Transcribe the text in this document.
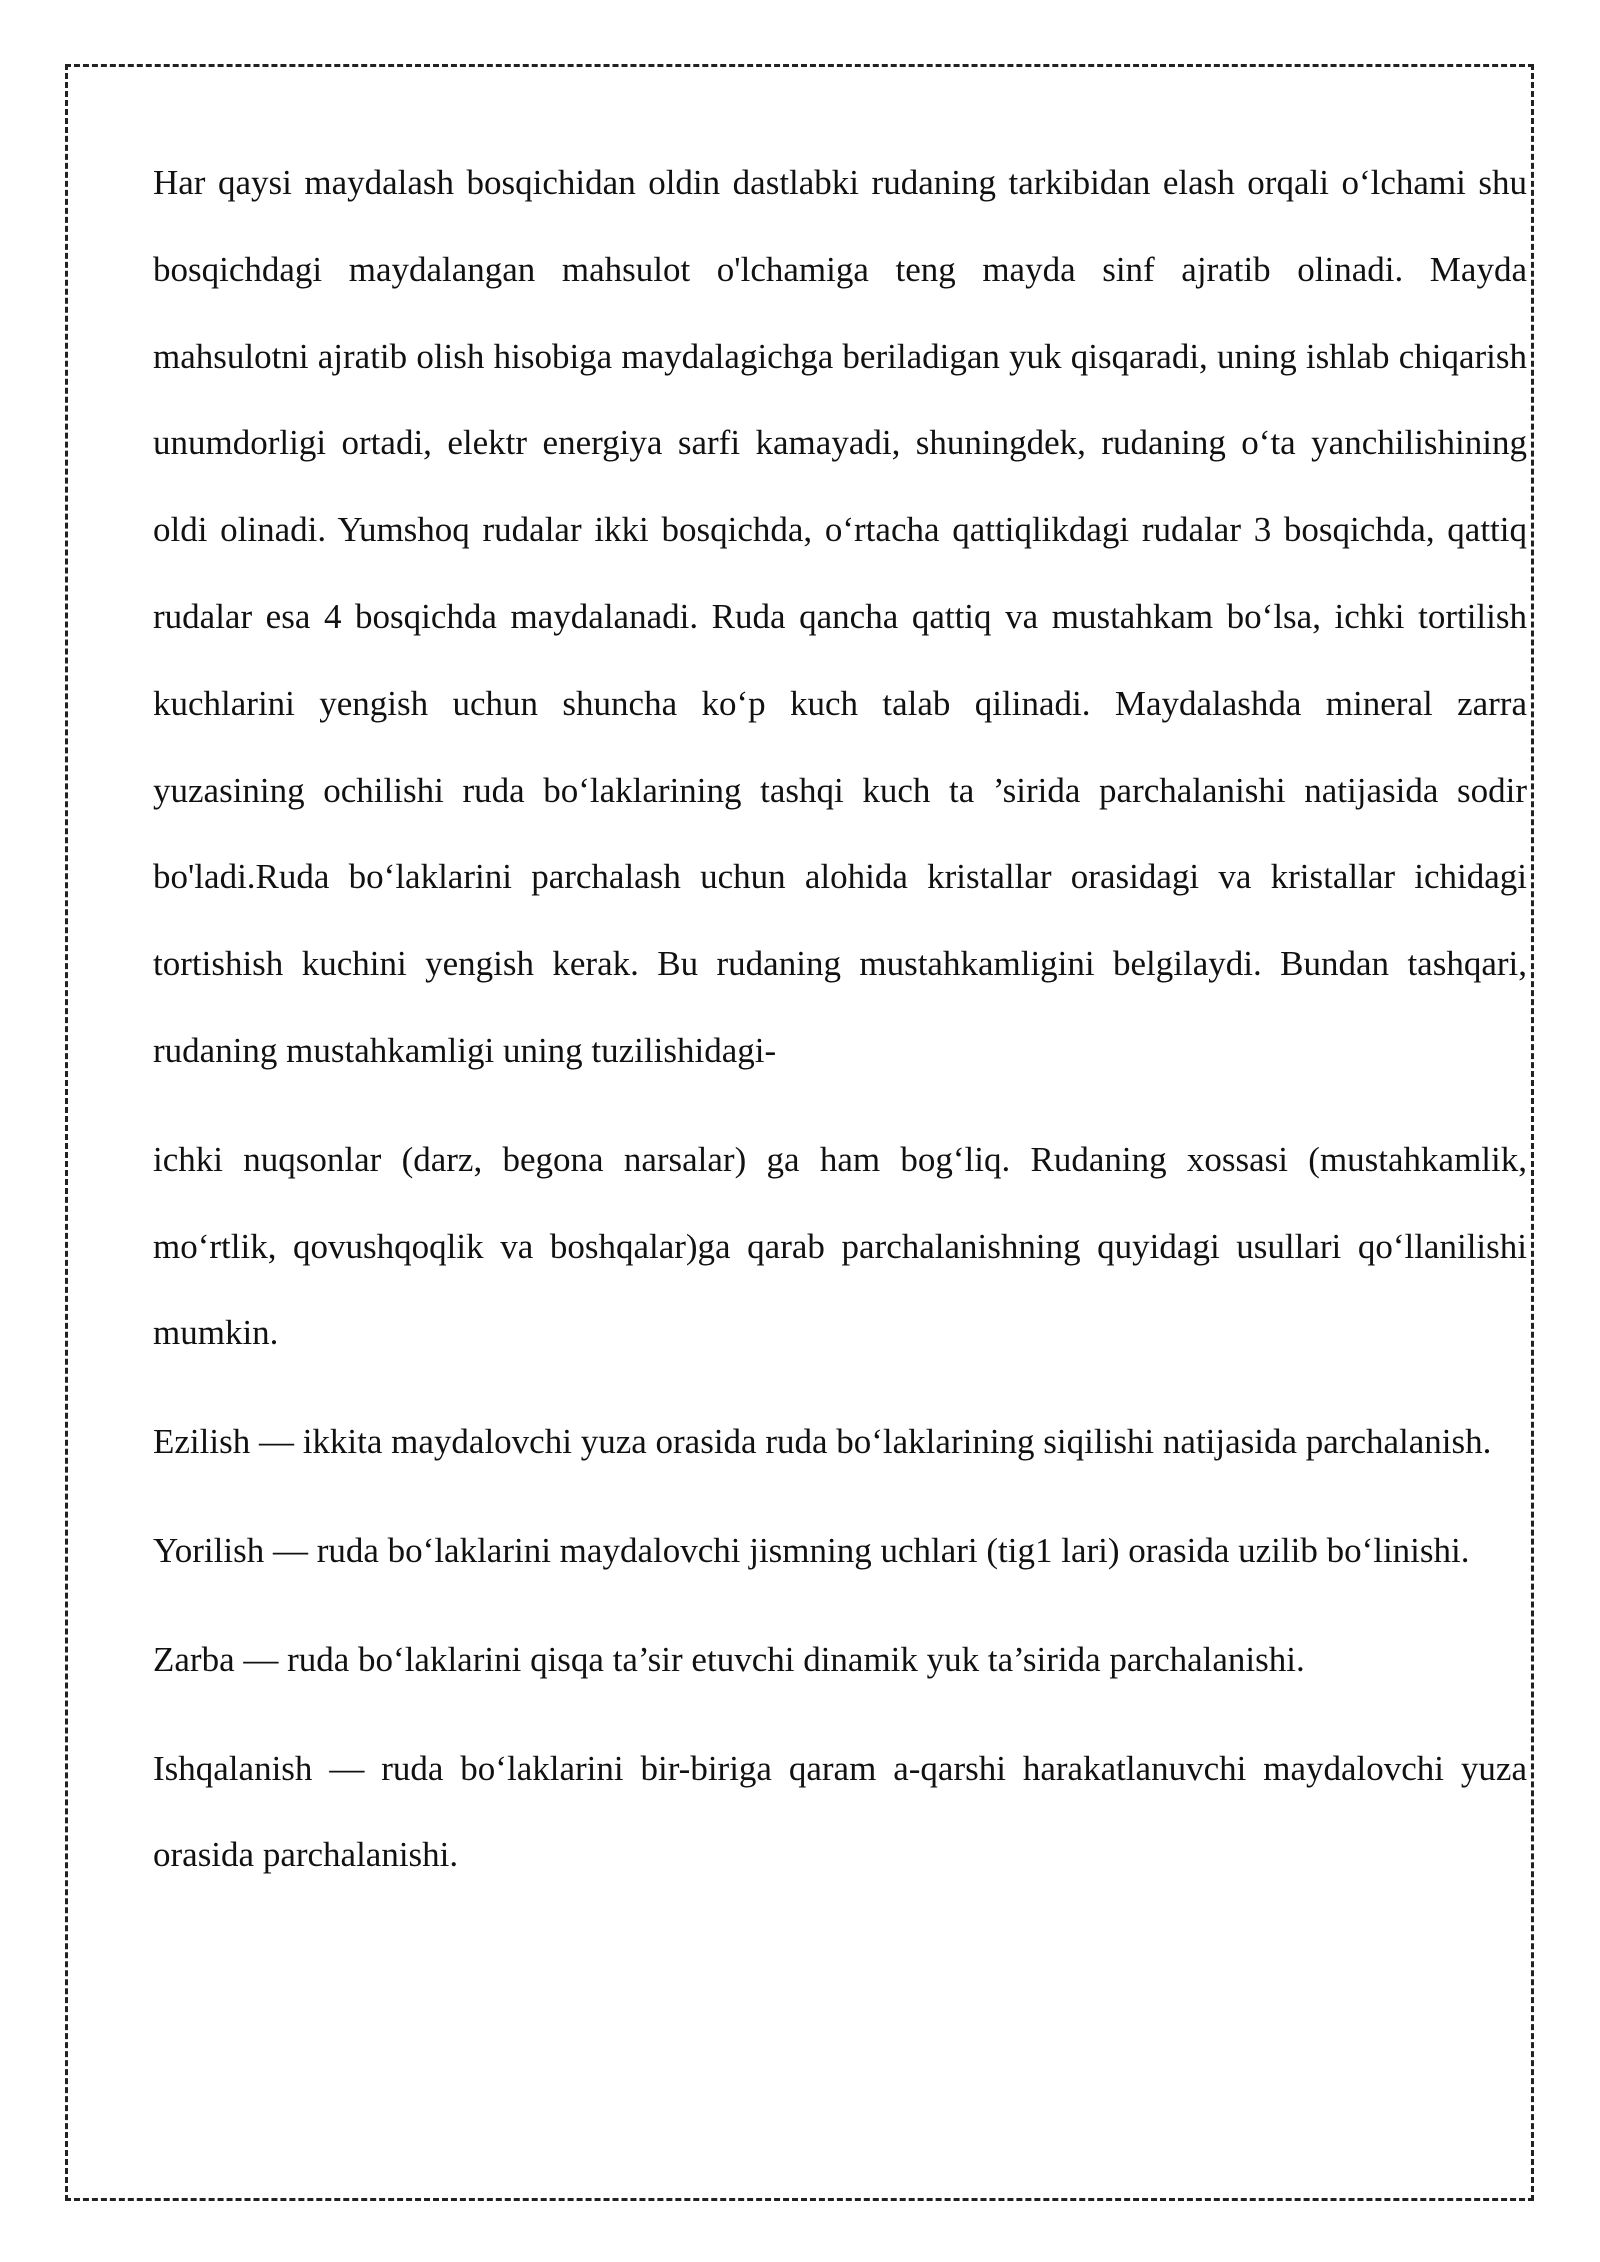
Har qaysi maydalash bosqichidan oldin dastlabki rudaning tarkibidan elash orqali o‘lchami shu bosqichdagi maydalangan mahsulot o'lchamiga teng mayda sinf ajratib olinadi. Mayda mahsulotni ajratib olish hisobiga maydalagichga beriladigan yuk qisqaradi, uning ishlab chiqarish unumdorligi ortadi, elektr energiya sarfi kamayadi, shuningdek, rudaning o‘ta yanchilishining oldi olinadi. Yumshoq rudalar ikki bosqichda, o‘rtacha qattiqlikdagi rudalar 3 bosqichda, qattiq rudalar esa 4 bosqichda maydalanadi. Ruda qancha qattiq va mustahkam bo‘lsa, ichki tortilish kuchlarini yengish uchun shuncha ko‘p kuch talab qilinadi. Maydalashda mineral zarra yuzasining ochilishi ruda bo‘laklarining tashqi kuch ta ’sirida parchalanishi natijasida sodir bo'ladi.Ruda bo‘laklarini parchalash uchun alohida kristallar orasidagi va kristallar ichidagi tortishish kuchini yengish kerak. Bu rudaning mustahkamligini belgilaydi. Bundan tashqari, rudaning mustahkamligi uning tuzilishidagi-

ichki nuqsonlar (darz, begona narsalar) ga ham bog‘liq. Rudaning xossasi (mustahkamlik, mo‘rtlik, qovushqoqlik va boshqalar)ga qarab parchalanishning quyidagi usullari qo‘llanilishi mumkin.

Ezilish — ikkita maydalovchi yuza orasida ruda bo‘laklarining siqilishi natijasida parchalanish.

Yorilish — ruda bo‘laklarini maydalovchi jismning uchlari (tig1 lari) orasida uzilib bo‘linishi.

Zarba — ruda bo‘laklarini qisqa ta’sir etuvchi dinamik yuk ta’sirida parchalanishi.

Ishqalanish — ruda bo‘laklarini bir-biriga qaram a-qarshi harakatlanuvchi maydalovchi yuza orasida parchalanishi.
